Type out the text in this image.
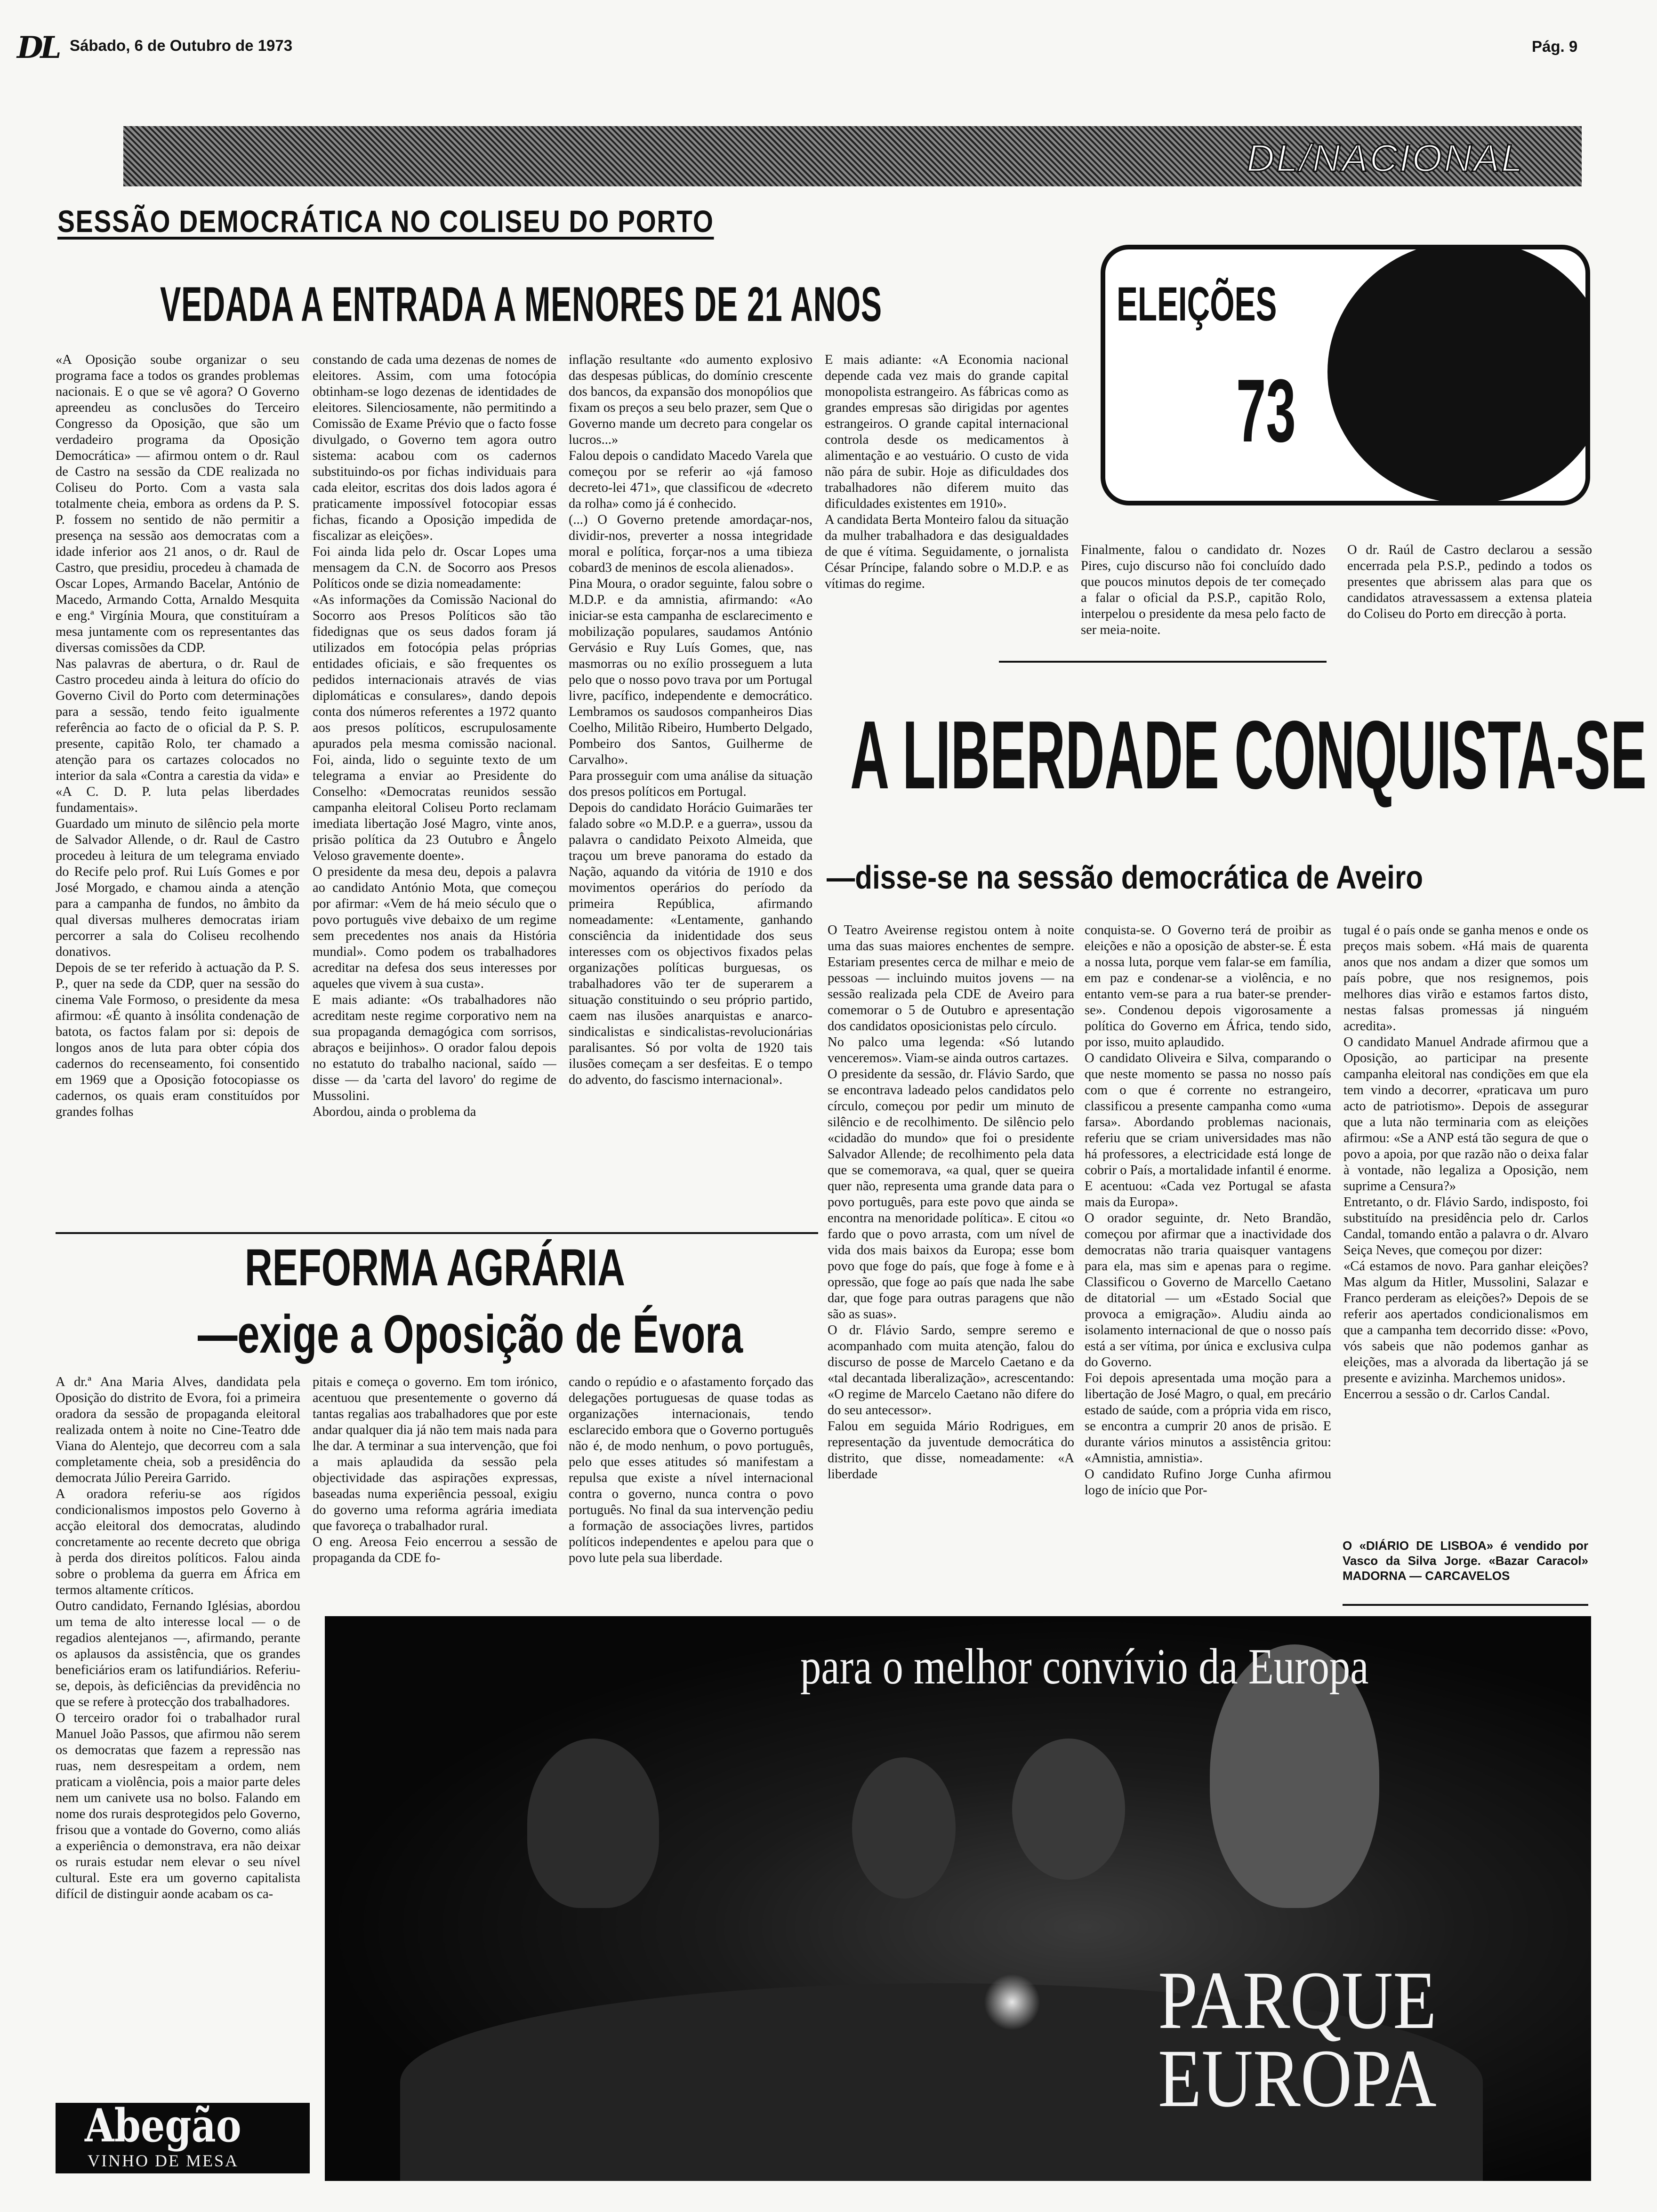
DL Sábado, 6 de Outubro de 1973	Pág. 9
DL/NACIONAL
SESSÃO DEMOCRÁTICA NO COLISEU DO PORTO
VEDADA A ENTRADA A MENORES DE 21 ANOS
«A Oposição soube organizar o seu programa face a todos os grandes problemas nacionais. E o que se vê agora? O Governo apreendeu as conclusões do Terceiro Congresso da Oposição, que são um verdadeiro programa da Oposição Democrática» — afirmou ontem o dr. Raul de Castro na sessão da CDE realizada no Coliseu do Porto. Com a vasta sala totalmente cheia, embora as ordens da P. S. P. fossem no sentido de não permitir a presença na sessão aos democratas com a idade inferior aos 21 anos, o dr. Raul de Castro, que presidiu, procedeu à chamada de Oscar Lopes, Armando Bacelar, António de Macedo, Armando Cotta, Arnaldo Mesquita e eng.ª Virgínia Moura, que constituíram a mesa juntamente com os representantes das diversas comissões da CDP.
Nas palavras de abertura, o dr. Raul de Castro procedeu ainda à leitura do ofício do Governo Civil do Porto com determinações para a sessão, tendo feito igualmente referência ao facto de o oficial da P. S. P. presente, capitão Rolo, ter chamado a atenção para os cartazes colocados no interior da sala «Contra a carestia da vida» e «A C. D. P. luta pelas liberdades fundamentais».
Guardado um minuto de silêncio pela morte de Salvador Allende, o dr. Raul de Castro procedeu à leitura de um telegrama enviado do Recife pelo prof. Rui Luís Gomes e por José Morgado, e chamou ainda a atenção para a campanha de fundos, no âmbito da qual diversas mulheres democratas iriam percorrer a sala do Coliseu recolhendo donativos.
Depois de se ter referido à actuação da P. S. P., quer na sede da CDP, quer na sessão do cinema Vale Formoso, o presidente da mesa afirmou: «É quanto à insólita condenação de batota, os factos falam por si: depois de longos anos de luta para obter cópia dos cadernos do recenseamento, foi consentido em 1969 que a Oposição fotocopiasse os cadernos, os quais eram constituídos por grandes folhas
constando de cada uma dezenas de nomes de eleitores. Assim, com uma fotocópia obtinham-se logo dezenas de identidades de eleitores. Silenciosamente, não permitindo a Comissão de Exame Prévio que o facto fosse divulgado, o Governo tem agora outro sistema: acabou com os cadernos substituindo-os por fichas individuais para cada eleitor, escritas dos dois lados agora é praticamente impossível fotocopiar essas fichas, ficando a Oposição impedida de fiscalizar as eleições».
Foi ainda lida pelo dr. Oscar Lopes uma mensagem da C.N. de Socorro aos Presos Políticos onde se dizia nomeadamente:
«As informações da Comissão Nacional do Socorro aos Presos Políticos são tão fidedignas que os seus dados foram já utilizados em fotocópia pelas próprias entidades oficiais, e são frequentes os pedidos internacionais através de vias diplomáticas e consulares», dando depois conta dos números referentes a 1972 quanto aos presos políticos, escrupulosamente apurados pela mesma comissão nacional. Foi, ainda, lido o seguinte texto de um telegrama a enviar ao Presidente do Conselho: «Democratas reunidos sessão campanha eleitoral Coliseu Porto reclamam imediata libertação José Magro, vinte anos, prisão política da 23 Outubro e Ângelo Veloso gravemente doente».
O presidente da mesa deu, depois a palavra ao candidato António Mota, que começou por afirmar: «Vem de há meio século que o povo português vive debaixo de um regime sem precedentes nos anais da História mundial». Como podem os trabalhadores acreditar na defesa dos seus interesses por aqueles que vivem à sua custa».
E mais adiante: «Os trabalhadores não acreditam neste regime corporativo nem na sua propaganda demagógica com sorrisos, abraços e beijinhos». O orador falou depois no estatuto do trabalho nacional, saído — disse — da 'carta del lavoro' do regime de Mussolini.
Abordou, ainda o problema da
inflação resultante «do aumento explosivo das despesas públicas, do domínio crescente dos bancos, da expansão dos monopólios que fixam os preços a seu belo prazer, sem Que o Governo mande um decreto para congelar os lucros...»
Falou depois o candidato Macedo Varela que começou por se referir ao «já famoso decreto-lei 471», que classificou de «decreto da rolha» como já é conhecido.
(...) O Governo pretende amordaçar-nos, dividir-nos, preverter a nossa integridade moral e política, forçar-nos a uma tibieza cobard3 de meninos de escola alienados».
Pina Moura, o orador seguinte, falou sobre o M.D.P. e da amnistia, afirmando: «Ao iniciar-se esta campanha de esclarecimento e mobilização populares, saudamos António Gervásio e Ruy Luís Gomes, que, nas masmorras ou no exílio prosseguem a luta pelo que o nosso povo trava por um Portugal livre, pacífico, independente e democrático. Lembramos os saudosos companheiros Dias Coelho, Militão Ribeiro, Humberto Delgado, Pombeiro dos Santos, Guilherme de Carvalho».
Para prosseguir com uma análise da situação dos presos políticos em Portugal.
Depois do candidato Horácio Guimarães ter falado sobre «o M.D.P. e a guerra», ussou da palavra o candidato Peixoto Almeida, que traçou um breve panorama do estado da Nação, aquando da vitória de 1910 e dos movimentos operários do período da primeira República, afirmando nomeadamente: «Lentamente, ganhando consciência da inidentidade dos seus interesses com os objectivos fixados pelas organizações políticas burguesas, os trabalhadores vão ter de superarem a situação constituindo o seu próprio partido, caem nas ilusões anarquistas e anarco-sindicalistas e sindicalistas-revolucionárias paralisantes. Só por volta de 1920 tais ilusões começam a ser desfeitas. E o tempo do advento, do fascismo internacional».
E mais adiante: «A Economia nacional depende cada vez mais do grande capital monopolista estrangeiro. As fábricas como as grandes empresas são dirigidas por agentes estrangeiros. O grande capital internacional controla desde os medicamentos à alimentação e ao vestuário. O custo de vida não pára de subir. Hoje as dificuldades dos trabalhadores não diferem muito das dificuldades existentes em 1910».
A candidata Berta Monteiro falou da situação da mulher trabalhadora e das desigualdades de que é vítima. Seguidamente, o jornalista César Príncipe, falando sobre o M.D.P. e as vítimas do regime.
ELEIÇÕES
73
Finalmente, falou o candidato dr. Nozes Pires, cujo discurso não foi concluído dado que poucos minutos depois de ter começado a falar o oficial da P.S.P., capitão Rolo, interpelou o presidente da mesa pelo facto de ser meia-noite.
O dr. Raúl de Castro declarou a sessão encerrada pela P.S.P., pedindo a todos os presentes que abrissem alas para que os candidatos atravessassem a extensa plateia do Coliseu do Porto em direcção à porta.
A LIBERDADE CONQUISTA-SE
—disse-se na sessão democrática de Aveiro
O Teatro Aveirense registou ontem à noite uma das suas maiores enchentes de sempre. Estariam presentes cerca de milhar e meio de pessoas — incluindo muitos jovens — na sessão realizada pela CDE de Aveiro para comemorar o 5 de Outubro e apresentação dos candidatos oposicionistas pelo círculo.
No palco uma legenda: «Só lutando venceremos». Viam-se ainda outros cartazes.
O presidente da sessão, dr. Flávio Sardo, que se encontrava ladeado pelos candidatos pelo círculo, começou por pedir um minuto de silêncio e de recolhimento. De silêncio pelo «cidadão do mundo» que foi o presidente Salvador Allende; de recolhimento pela data que se comemorava, «a qual, quer se queira quer não, representa uma grande data para o povo português, para este povo que ainda se encontra na menoridade política». E citou «o fardo que o povo arrasta, com um nível de vida dos mais baixos da Europa; esse bom povo que foge do país, que foge à fome e à opressão, que foge ao país que nada lhe sabe dar, que foge para outras paragens que não são as suas».
O dr. Flávio Sardo, sempre seremo e acompanhado com muita atenção, falou do discurso de posse de Marcelo Caetano e da «tal decantada liberalização», acrescentando: «O regime de Marcelo Caetano não difere do do seu antecessor».
Falou em seguida Mário Rodrigues, em representação da juventude democrática do distrito, que disse, nomeadamente: «A liberdade
conquista-se. O Governo terá de proibir as eleições e não a oposição de abster-se. É esta a nossa luta, porque vem falar-se em família, em paz e condenar-se a violência, e no entanto vem-se para a rua bater-se prender-se». Condenou depois vigorosamente a política do Governo em África, tendo sido, por isso, muito aplaudido.
O candidato Oliveira e Silva, comparando o que neste momento se passa no nosso país com o que é corrente no estrangeiro, classificou a presente campanha como «uma farsa». Abordando problemas nacionais, referiu que se criam universidades mas não há professores, a electricidade está longe de cobrir o País, a mortalidade infantil é enorme. E acentuou: «Cada vez Portugal se afasta mais da Europa».
O orador seguinte, dr. Neto Brandão, começou por afirmar que a inactividade dos democratas não traria quaisquer vantagens para ela, mas sim e apenas para o regime. Classificou o Governo de Marcello Caetano de ditatorial — um «Estado Social que provoca a emigração». Aludiu ainda ao isolamento internacional de que o nosso país está a ser vítima, por única e exclusiva culpa do Governo.
Foi depois apresentada uma moção para a libertação de José Magro, o qual, em precário estado de saúde, com a própria vida em risco, se encontra a cumprir 20 anos de prisão. E durante vários minutos a assistência gritou: «Amnistia, amnistia».
O candidato Rufino Jorge Cunha afirmou logo de início que Por-
tugal é o país onde se ganha menos e onde os preços mais sobem. «Há mais de quarenta anos que nos andam a dizer que somos um país pobre, que nos resignemos, pois melhores dias virão e estamos fartos disto, nestas falsas promessas já ninguém acredita».
O candidato Manuel Andrade afirmou que a Oposição, ao participar na presente campanha eleitoral nas condições em que ela tem vindo a decorrer, «praticava um puro acto de patriotismo». Depois de assegurar que a luta não terminaria com as eleições afirmou: «Se a ANP está tão segura de que o povo a apoia, por que razão não o deixa falar à vontade, não legaliza a Oposição, nem suprime a Censura?»
Entretanto, o dr. Flávio Sardo, indisposto, foi substituído na presidência pelo dr. Carlos Candal, tomando então a palavra o dr. Alvaro Seiça Neves, que começou por dizer:
«Cá estamos de novo. Para ganhar eleições? Mas algum da Hitler, Mussolini, Salazar e Franco perderam as eleições?» Depois de se referir aos apertados condicionalismos em que a campanha tem decorrido disse: «Povo, vós sabeis que não podemos ganhar as eleições, mas a alvorada da libertação já se presente e avizinha. Marchemos unidos».
Encerrou a sessão o dr. Carlos Candal.
O «DIÁRIO DE LISBOA» é vendido por Vasco da Silva Jorge. «Bazar Caracol» MADORNA — CARCAVELOS
REFORMA AGRÁRIA
—exige a Oposição de Évora
A dr.ª Ana Maria Alves, dandidata pela Oposição do distrito de Evora, foi a primeira oradora da sessão de propaganda eleitoral realizada ontem à noite no Cine-Teatro dde Viana do Alentejo, que decorreu com a sala completamente cheia, sob a presidência do democrata Júlio Pereira Garrido.
A oradora referiu-se aos rígidos condicionalismos impostos pelo Governo à acção eleitoral dos democratas, aludindo concretamente ao recente decreto que obriga à perda dos direitos políticos. Falou ainda sobre o problema da guerra em África em termos altamente críticos.
Outro candidato, Fernando Iglésias, abordou um tema de alto interesse local — o de regadios alentejanos —, afirmando, perante os aplausos da assistência, que os grandes beneficiários eram os latifundiários. Referiu-se, depois, às deficiências da previdência no que se refere à protecção dos trabalhadores.
O terceiro orador foi o trabalhador rural Manuel João Passos, que afirmou não serem os democratas que fazem a repressão nas ruas, nem desrespeitam a ordem, nem praticam a violência, pois a maior parte deles nem um canivete usa no bolso. Falando em nome dos rurais desprotegidos pelo Governo, frisou que a vontade do Governo, como aliás a experiência o demonstrava, era não deixar os rurais estudar nem elevar o seu nível cultural. Este era um governo capitalista difícil de distinguir aonde acabam os ca-
pitais e começa o governo. Em tom irónico, acentuou que presentemente o governo dá tantas regalias aos trabalhadores que por este andar qualquer dia já não tem mais nada para lhe dar. A terminar a sua intervenção, que foi a mais aplaudida da sessão pela objectividade das aspirações expressas, baseadas numa experiência pessoal, exigiu do governo uma reforma agrária imediata que favoreça o trabalhador rural.
O eng. Areosa Feio encerrou a sessão de propaganda da CDE fo-
cando o repúdio e o afastamento forçado das delegações portuguesas de quase todas as organizações internacionais, tendo esclarecido embora que o Governo português não é, de modo nenhum, o povo português, pelo que esses atitudes só manifestam a repulsa que existe a nível internacional contra o governo, nunca contra o povo português. No final da sua intervenção pediu a formação de associações livres, partidos políticos independentes e apelou para que o povo lute pela sua liberdade.
para o melhor convívio da Europa
PARQUE
EUROPA
Abegão
VINHO DE MESA
